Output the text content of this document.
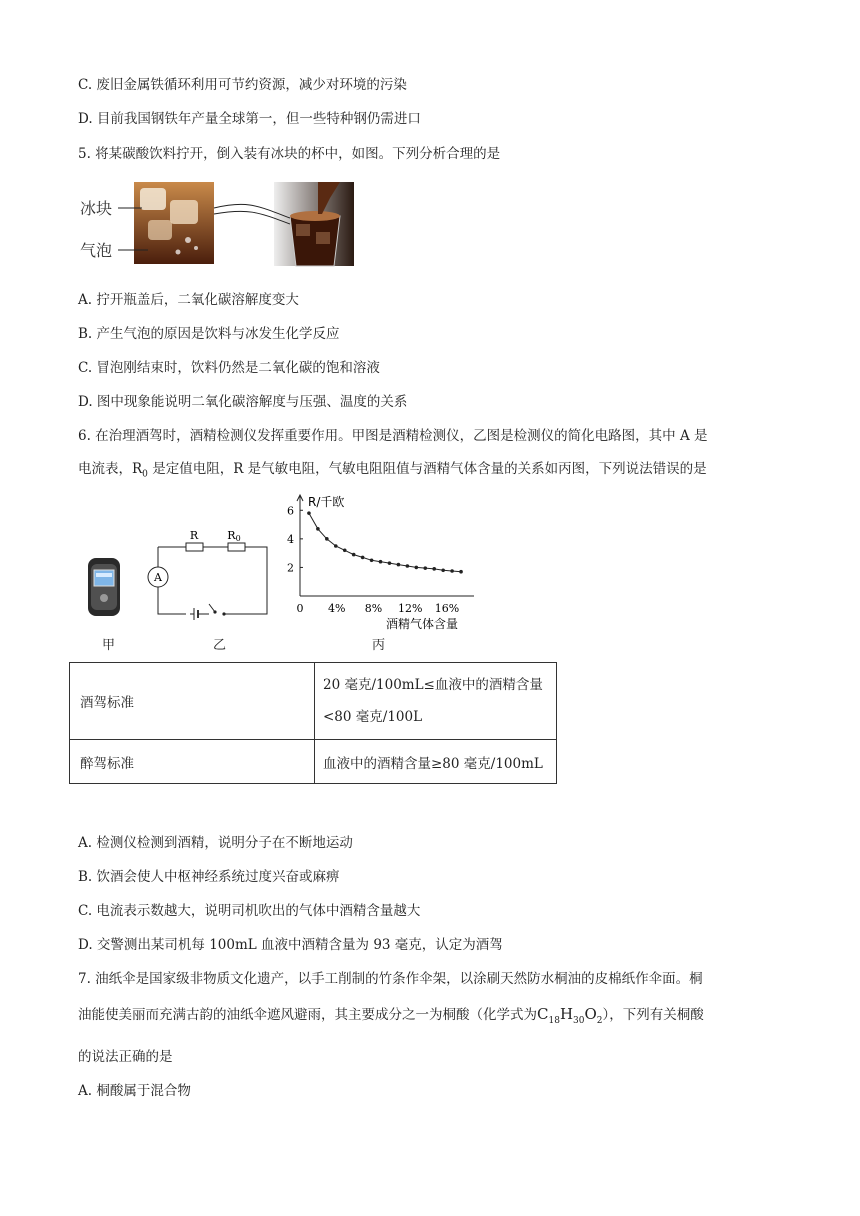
C. 废旧金属铁循环利用可节约资源，减少对环境的污染
D. 目前我国钢铁年产量全球第一，但一些特种钢仍需进口
5. 将某碳酸饮料拧开，倒入装有冰块的杯中，如图。下列分析合理的是
冰块
气泡
A. 拧开瓶盖后，二氧化碳溶解度变大
B. 产生气泡的原因是饮料与冰发生化学反应
C. 冒泡刚结束时，饮料仍然是二氧化碳的饱和溶液
D. 图中现象能说明二氧化碳溶解度与压强、温度的关系
6. 在治理酒驾时，酒精检测仪发挥重要作用。甲图是酒精检测仪，乙图是检测仪的简化电路图，其中 A 是
电流表，$R_0$ 是定值电阻，R 是气敏电阻，气敏电阻阻值与酒精气体含量的关系如丙图，下列说法错误的是
A
R	R0
2
4
6
0 4% 8% 12% 16%
R/千欧
酒精气体含量
甲	乙	丙
酒驾标准	20 毫克/100mL≤血液中的酒精含量
<80 毫克/100L

醉驾标准	血液中的酒精含量≥80 毫克/100mL
A. 检测仪检测到酒精，说明分子在不断地运动
B. 饮酒会使人中枢神经系统过度兴奋或麻痹
C. 电流表示数越大，说明司机吹出的气体中酒精含量越大
D. 交警测出某司机每 100mL 血液中酒精含量为 93 毫克，认定为酒驾
7. 油纸伞是国家级非物质文化遗产，以手工削制的竹条作伞架，以涂刷天然防水桐油的皮棉纸作伞面。桐
油能使美丽而充满古韵的油纸伞遮风避雨，其主要成分之一为桐酸（化学式为$C_{18}H_{30}O_2$），下列有关桐酸
的说法正确的是
A. 桐酸属于混合物
